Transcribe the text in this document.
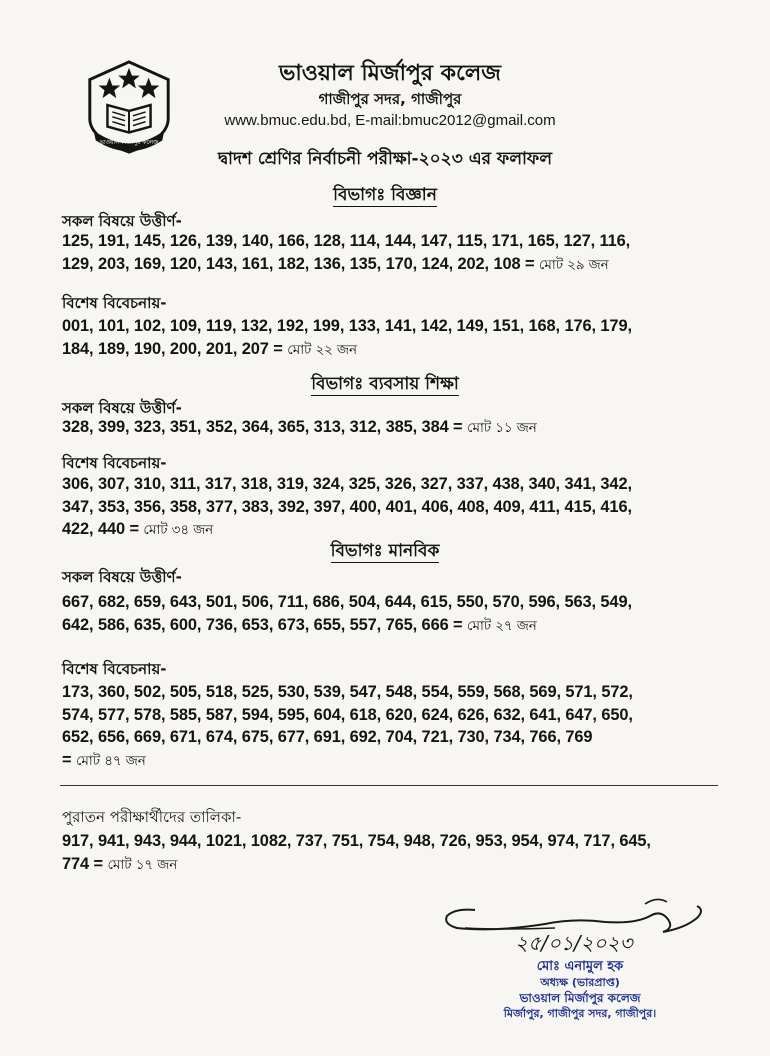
ভাওয়াল মির্জাপুর কলেজ
ভাওয়াল মির্জাপুর কলেজ
গাজীপুর সদর, গাজীপুর
www.bmuc.edu.bd, E-mail:bmuc2012@gmail.com
দ্বাদশ শ্রেণির নির্বাচনী পরীক্ষা-২০২৩ এর ফলাফল
বিভাগঃ বিজ্ঞান
সকল বিষয়ে উত্তীর্ণ-
125, 191, 145, 126, 139, 140, 166, 128, 114, 144, 147, 115, 171, 165, 127, 116,
129, 203, 169, 120, 143, 161, 182, 136, 135, 170, 124, 202, 108 = মোট ২৯ জন
বিশেষ বিবেচনায়-
001, 101, 102, 109, 119, 132, 192, 199, 133, 141, 142, 149, 151, 168, 176, 179,
184, 189, 190, 200, 201, 207 = মোট ২২ জন
বিভাগঃ ব্যবসায় শিক্ষা
সকল বিষয়ে উত্তীর্ণ-
328, 399, 323, 351, 352, 364, 365, 313, 312, 385, 384 = মোট ১১ জন
বিশেষ বিবেচনায়-
306, 307, 310, 311, 317, 318, 319, 324, 325, 326, 327, 337, 438, 340, 341, 342,
347, 353, 356, 358, 377, 383, 392, 397, 400, 401, 406, 408, 409, 411, 415, 416,
422, 440 = মোট ৩৪ জন
বিভাগঃ মানবিক
সকল বিষয়ে উত্তীর্ণ-
667, 682, 659, 643, 501, 506, 711, 686, 504, 644, 615, 550, 570, 596, 563, 549,
642, 586, 635, 600, 736, 653, 673, 655, 557, 765, 666 = মোট ২৭ জন
বিশেষ বিবেচনায়-
173, 360, 502, 505, 518, 525, 530, 539, 547, 548, 554, 559, 568, 569, 571, 572,
574, 577, 578, 585, 587, 594, 595, 604, 618, 620, 624, 626, 632, 641, 647, 650,
652, 656, 669, 671, 674, 675, 677, 691, 692, 704, 721, 730, 734, 766, 769
= মোট ৪৭ জন
পুরাতন পরীক্ষার্থীদের তালিকা-
917, 941, 943, 944, 1021, 1082, 737, 751, 754, 948, 726, 953, 954, 974, 717, 645,
774 = মোট ১৭ জন
২৫/০১/২০২৩
মোঃ এনামুল হক
অধ্যক্ষ (ভারপ্রাপ্ত)
ভাওয়াল মির্জাপুর কলেজ
মির্জাপুর, গাজীপুর সদর, গাজীপুর।
